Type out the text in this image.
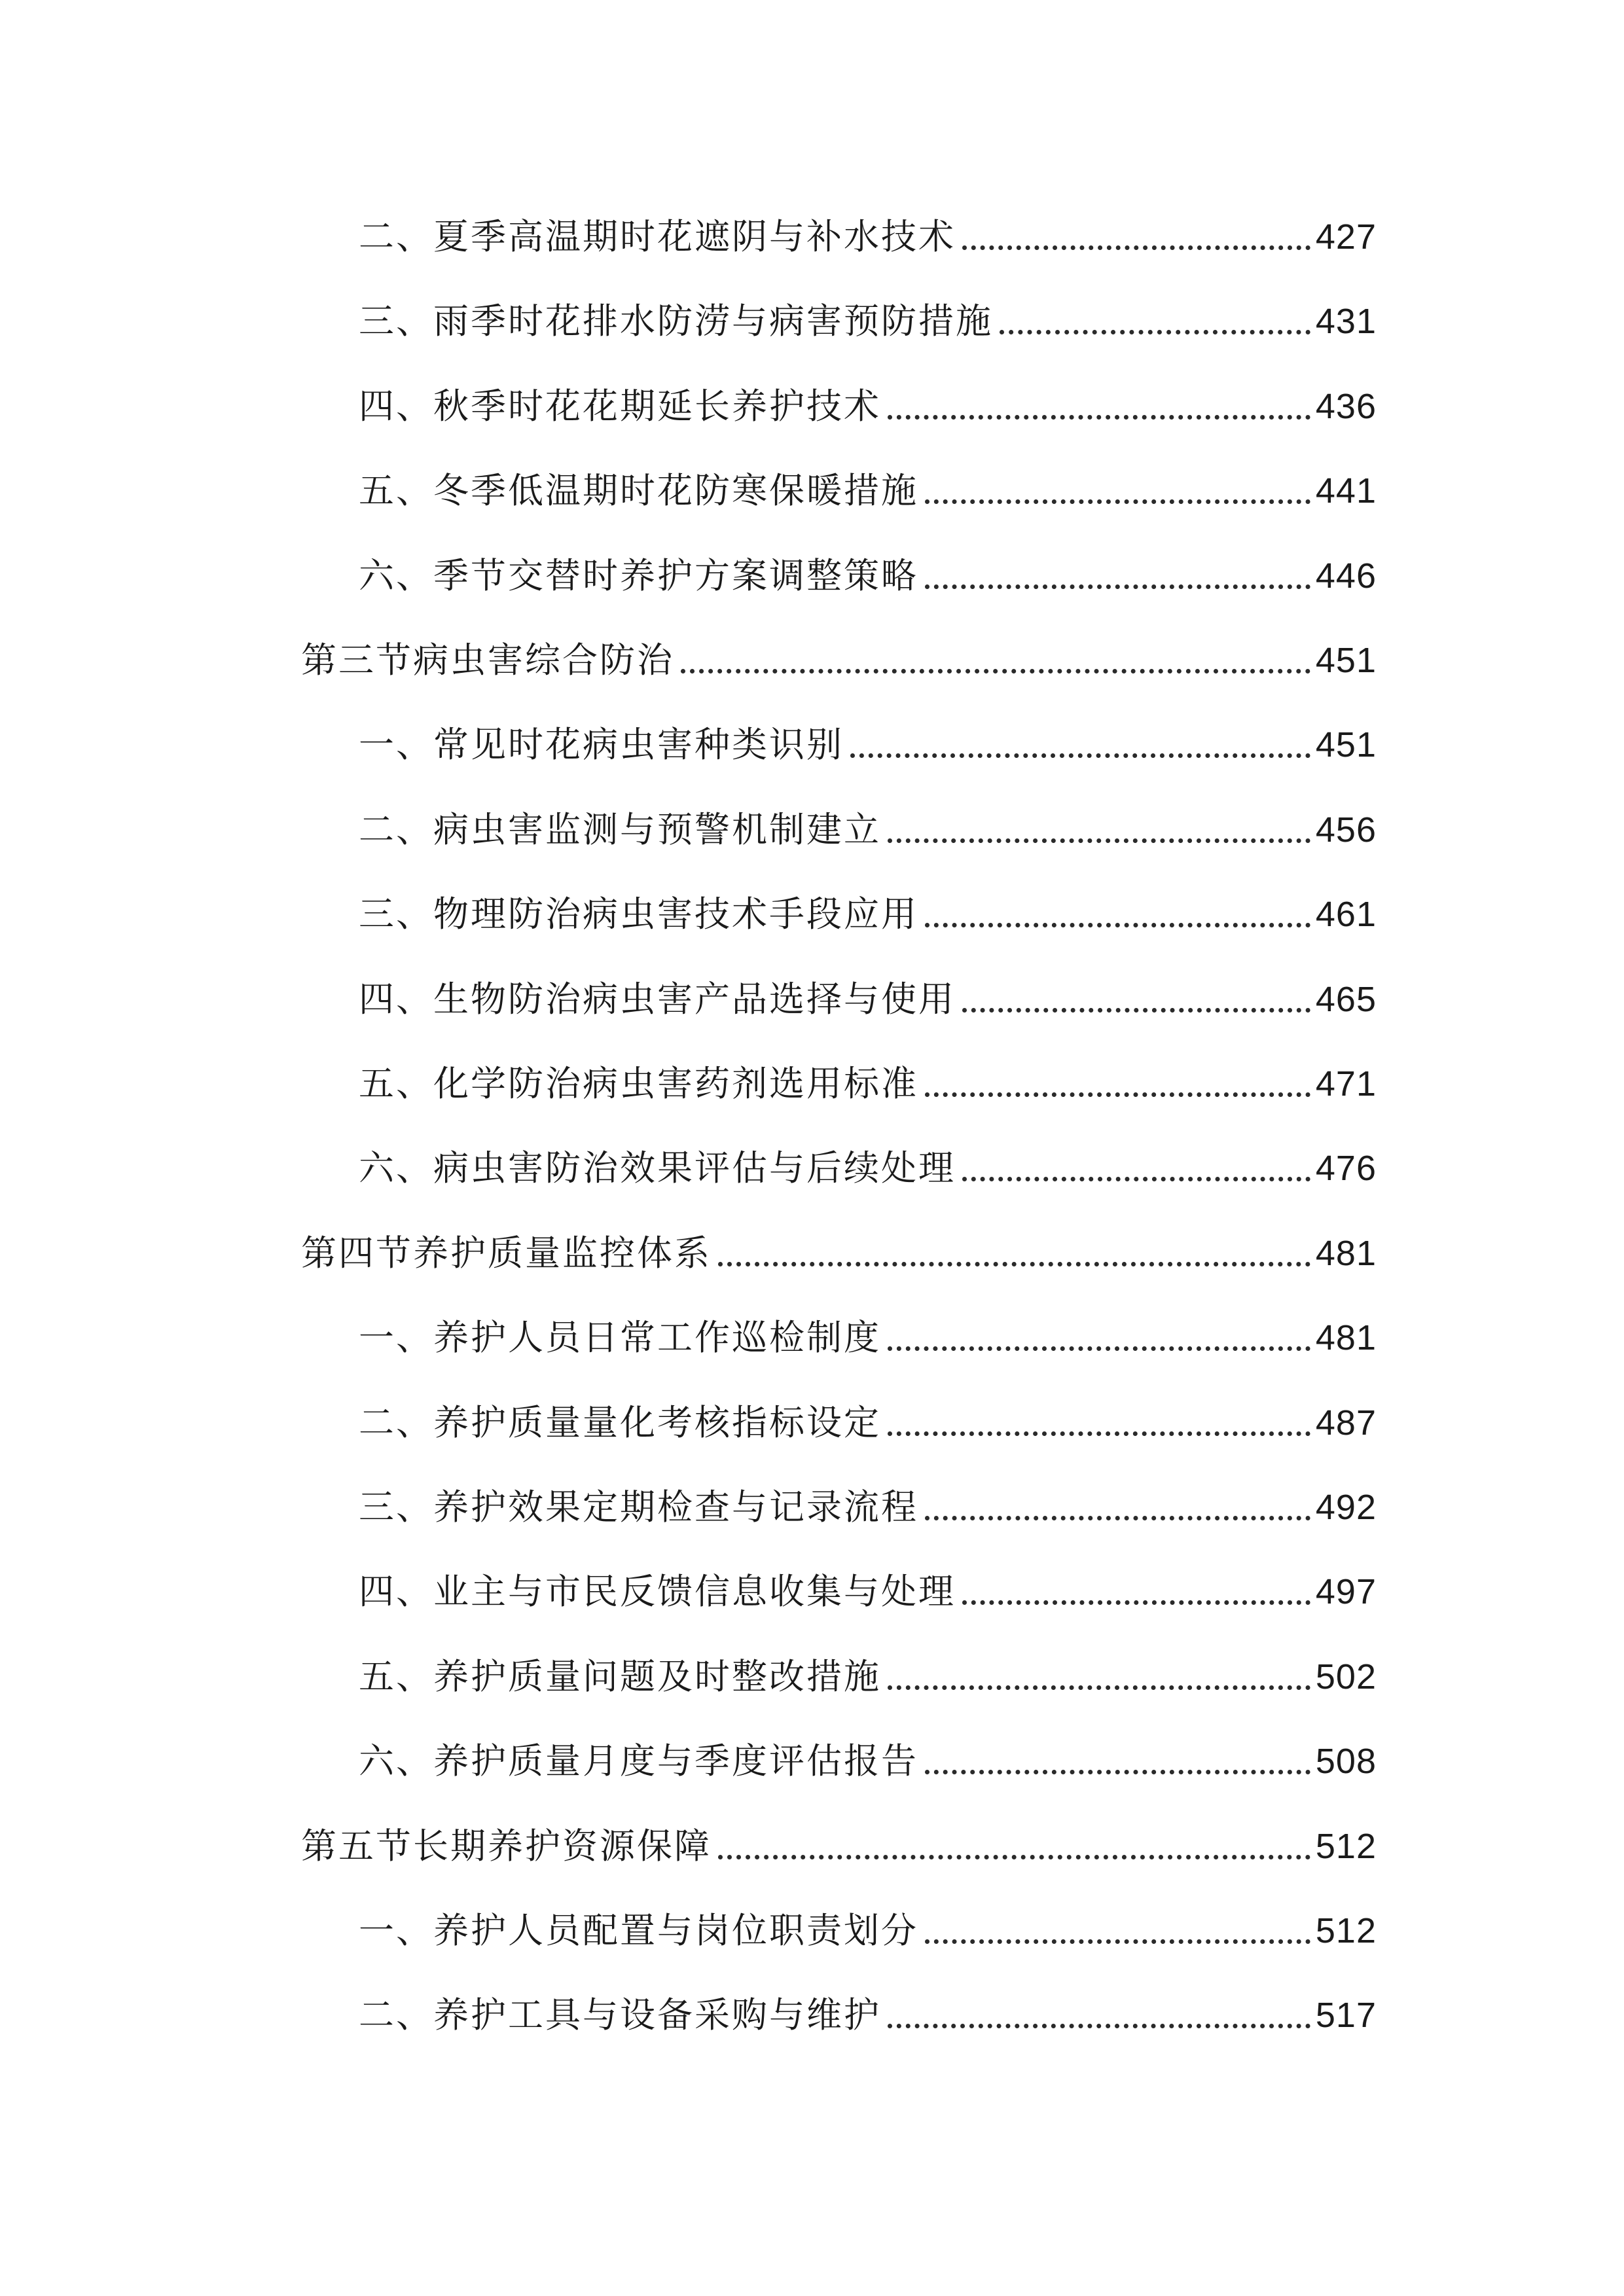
二、夏季高温期时花遮阴与补水技术	427
三、雨季时花排水防涝与病害预防措施	431
四、秋季时花花期延长养护技术	436
五、冬季低温期时花防寒保暖措施	441
六、季节交替时养护方案调整策略	446
第三节病虫害综合防治	451
一、常见时花病虫害种类识别	451
二、病虫害监测与预警机制建立	456
三、物理防治病虫害技术手段应用	461
四、生物防治病虫害产品选择与使用	465
五、化学防治病虫害药剂选用标准	471
六、病虫害防治效果评估与后续处理	476
第四节养护质量监控体系	481
一、养护人员日常工作巡检制度	481
二、养护质量量化考核指标设定	487
三、养护效果定期检查与记录流程	492
四、业主与市民反馈信息收集与处理	497
五、养护质量问题及时整改措施	502
六、养护质量月度与季度评估报告	508
第五节长期养护资源保障	512
一、养护人员配置与岗位职责划分	512
二、养护工具与设备采购与维护	517
